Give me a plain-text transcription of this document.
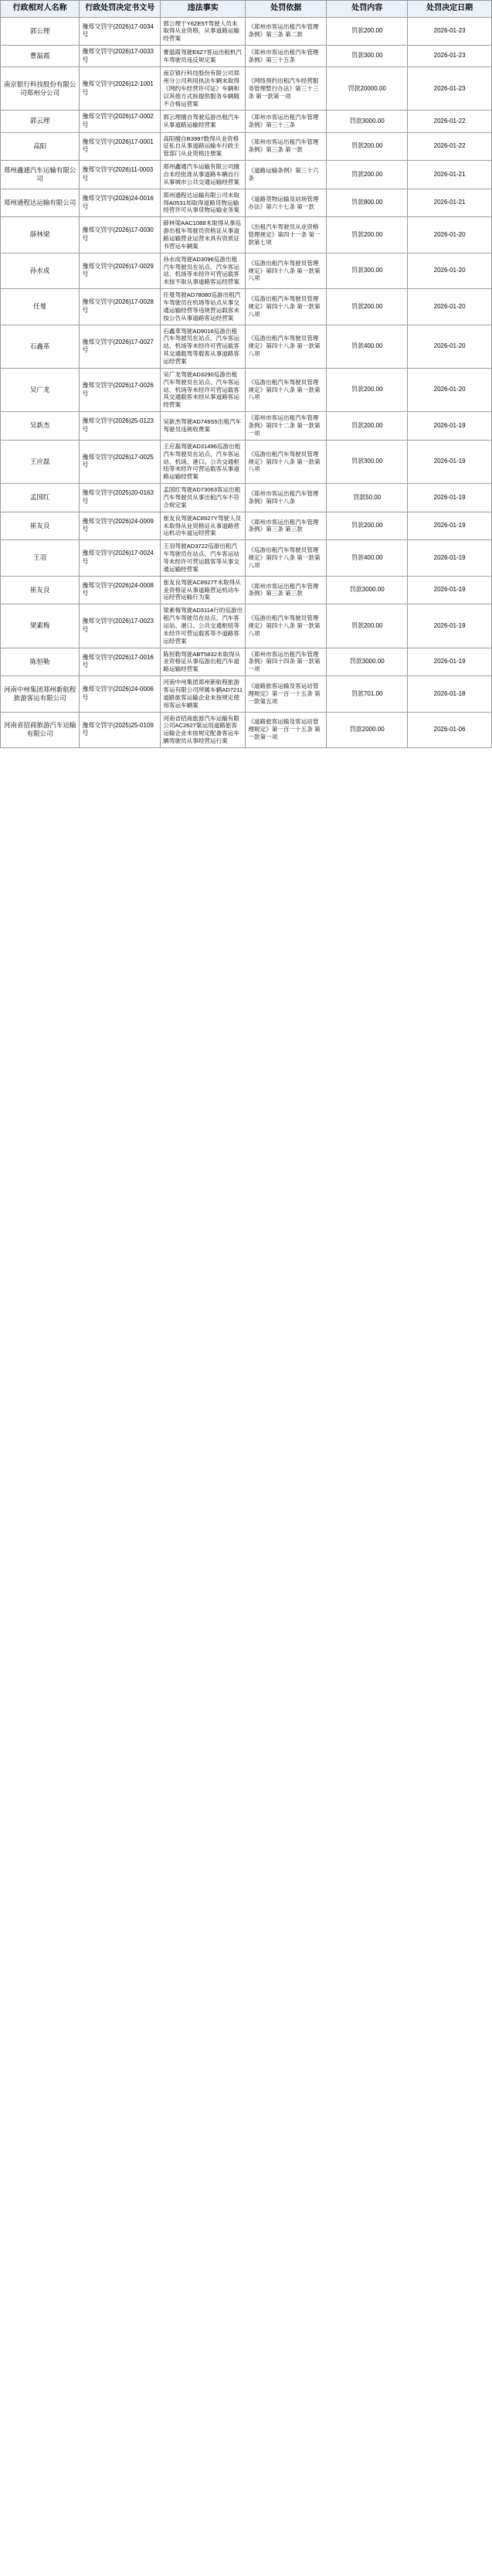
行政相对人名称	行政处罚决定书文号	违法事实	处罚依据	处罚内容	处罚决定日期
郭公理	豫郑交罚字(2026)17-0034号	郭公理于Y6ZE5T驾驶人员未取得从业资格，从事道路运输经营案	《郑州市客运出租汽车管理条例》第三条 第二款	罚款200.00	2026-01-23
曹温霞	豫郑交罚字(2026)17-0033号	曹温霞驾驶E6Z7客运出租机汽车驾驶员违反规定案	《郑州市客运出租汽车管理条例》第三十五条	罚款300.00	2026-01-23
南京银行科技股份有限公司郑州分公司	豫郑交罚字(2026)12-1001号	南京银行科技股份有限公司郑州分公司利用执法车辆未取得《网约车经营许可证》车辆和以其他方式拆提供服务车辆随不合格运营案	《网络预约出租汽车经营服务管理暂行办法》第三十三条 第一款第一项	罚款20000.00	2026-01-23
郭云理	豫郑交罚字(2026)17-0002号	郭云理擅自驾驶巡游出租汽车从事道路运输经营案	《郑州市客运出租汽车管理条例》第三十三条	罚款3000.00	2026-01-22
高阳	豫郑交罚字(2026)17-0001号	高阳擅自B3997数得从业资格证私自从事道路运输车行政主管部门从业资格注册案	《郑州市客运出租汽车管理条例》第三条 第一款	罚款200.00	2026-01-22
郑州鑫通汽车运输有限公司	豫郑交罚字(2026)11-0003号	郑州鑫通汽车运输有限公司擅自未经批准从事道路车辆自行从事城市公共交通运输经营案	《道路运输条例》第三十六条	罚款200.00	2026-01-21
郑州通程达运输有限公司	豫郑交罚字(2026)24-0016号	郑州通程达运输有限公司未取得A0531如取得道路货物运输经营许可从事货物运输业务案	《道路货物运输及站场管理办法》第六十七条 第一款	罚款800.00	2026-01-21
薛林梁	豫郑交罚字(2026)17-0030号	薛林梁AAC1088未取得从事巡游出租车驾驶员资格证从事道路运输营业运营未具有资质证书营运车辆案	《出租汽车驾驶员从业资格管理规定》第四十一条 第一款第七项	罚款200.00	2026-01-20
孙水成	豫郑交罚字(2026)17-0029号	孙水成驾驶AD3096巡游出租汽车驾驶员在站点、汽车客运站、机场等未经许可营运载客未按不取从事道路客运经营案	《巡游出租汽车驾驶员管理规定》第四十八条 第一款第八项	罚款300.00	2026-01-20
任曼	豫郑交罚字(2026)17-0028号	任曼驾驶AD78080巡游出租汽车驾驶员在机场等站点从事交通运输经营等违规营运载客未按公告从事道路客运经营案	《巡游出租汽车驾驶员管理规定》第四十八条 第一款第八项	罚款200.00	2026-01-20
石鑫革	豫郑交罚字(2026)17-0027号	石鑫革驾驶AD9016巡游出租汽车驾驶员在站点、汽车客运站、机场等未经许可营运载客其交通载驾等载客从事道路客运经营案	《巡游出租汽车驾驶员管理规定》第四十八条 第一款第八项	罚款400.00	2026-01-20
吴广龙	豫郑交罚字(2026)17-0026号	吴广龙驾驶AD3290巡游出租汽车驾驶员在站点、汽车客运站、机场等未经许可营运载客其交通载客未经从事道路客运经营案	《巡游出租汽车驾驶员管理规定》第四十八条 第一款第八项	罚款200.00	2026-01-20
吴新杰	豫郑交罚字(2026)25-0123号	吴新杰驾驶AD749S5出租汽车驾驶员违规收费案	《郑州市客运出租汽车管理条例》第四十二条 第一款第一项	罚款200.00	2026-01-19
王应磊	豫郑交罚字(2026)17-0025号	王应磊驾驶AD31496巡游出租汽车驾驶员在站点、汽车客运站、机场、港口、公共交通枢纽等未经许可营运载客从事道路运输经营案	《巡游出租汽车驾驶员管理规定》第四十八条 第一款第八项	罚款300.00	2026-01-19
孟国红	豫郑交罚字(2025)20-0163号	孟国红驾驶AD73063客运出租汽车驾驶员从事出租汽车不符合规定案	《郑州市客运出租汽车管理条例》第四十八条	罚款50.00	2026-01-19
崔友良	豫郑交罚字(2026)24-0009号	崔友良驾驶AC8927Y驾驶人员未取得从业资格证从事道路营运机动车道运经营案	《郑州市客运出租汽车管理条例》第三条 第三款	罚款200.00	2026-01-19
王羽	豫郑交罚字(2026)17-0024号	王羽驾驶AD3722巡游出租汽车驾驶员在站点、汽车客运站等未经许可营运载客等从事交通运输经营案	《巡游出租汽车驾驶员管理规定》第四十八条 第一款第八项	罚款400.00	2026-01-19
崔友良	豫郑交罚字(2026)24-0008号	崔友良驾驶AC8927T未取得从业资格证从事道路营运机动车运经营运输行为案	《郑州市客运出租汽车管理条例》第三条 第三款	罚款3000.00	2026-01-19
梁素梅	豫郑交罚字(2026)17-0023号	梁素梅驾驶AD3114行的巡游出租汽车驾驶员在站点、汽车客运站、港口、公共交通枢纽等未经许可营运载客等不道路客运经营案	《巡游出租汽车驾驶员管理规定》第四十八条 第一款第八项	罚款200.00	2026-01-19
陈恒勒	豫郑交罚字(2026)17-0016号	陈恒勒驾驶ABT5832未取得从业资格证从事巡游出租汽车道路运输经营案	《郑州市客运出租汽车管理条例》第四十四条 第一款第一项	罚款3000.00	2026-01-19
河南中州集团郑州新航程旅游客运有限公司	豫郑交罚字(2026)24-0006号	河南中州集团郑州新航程旅游客运有限公司所属车辆AD7211道路旅客运输企业未按规定使用客运车辆案	《道路旅客运输及客运站管理规定》第一百一十五条 第一款第五项	罚款701.00	2026-01-18
河南省招商旅游汽车运输有限公司	豫郑交罚字(2025)25-0109号	河南省招商旅游汽车运输有限公司AC2627渠运用道路旅客运输企业未按规定配备客运车辆驾驶员从事经营运行案	《道路旅客运输及客运站管理规定》第一百一十五条 第一款第一项	罚款2000.00	2026-01-06
